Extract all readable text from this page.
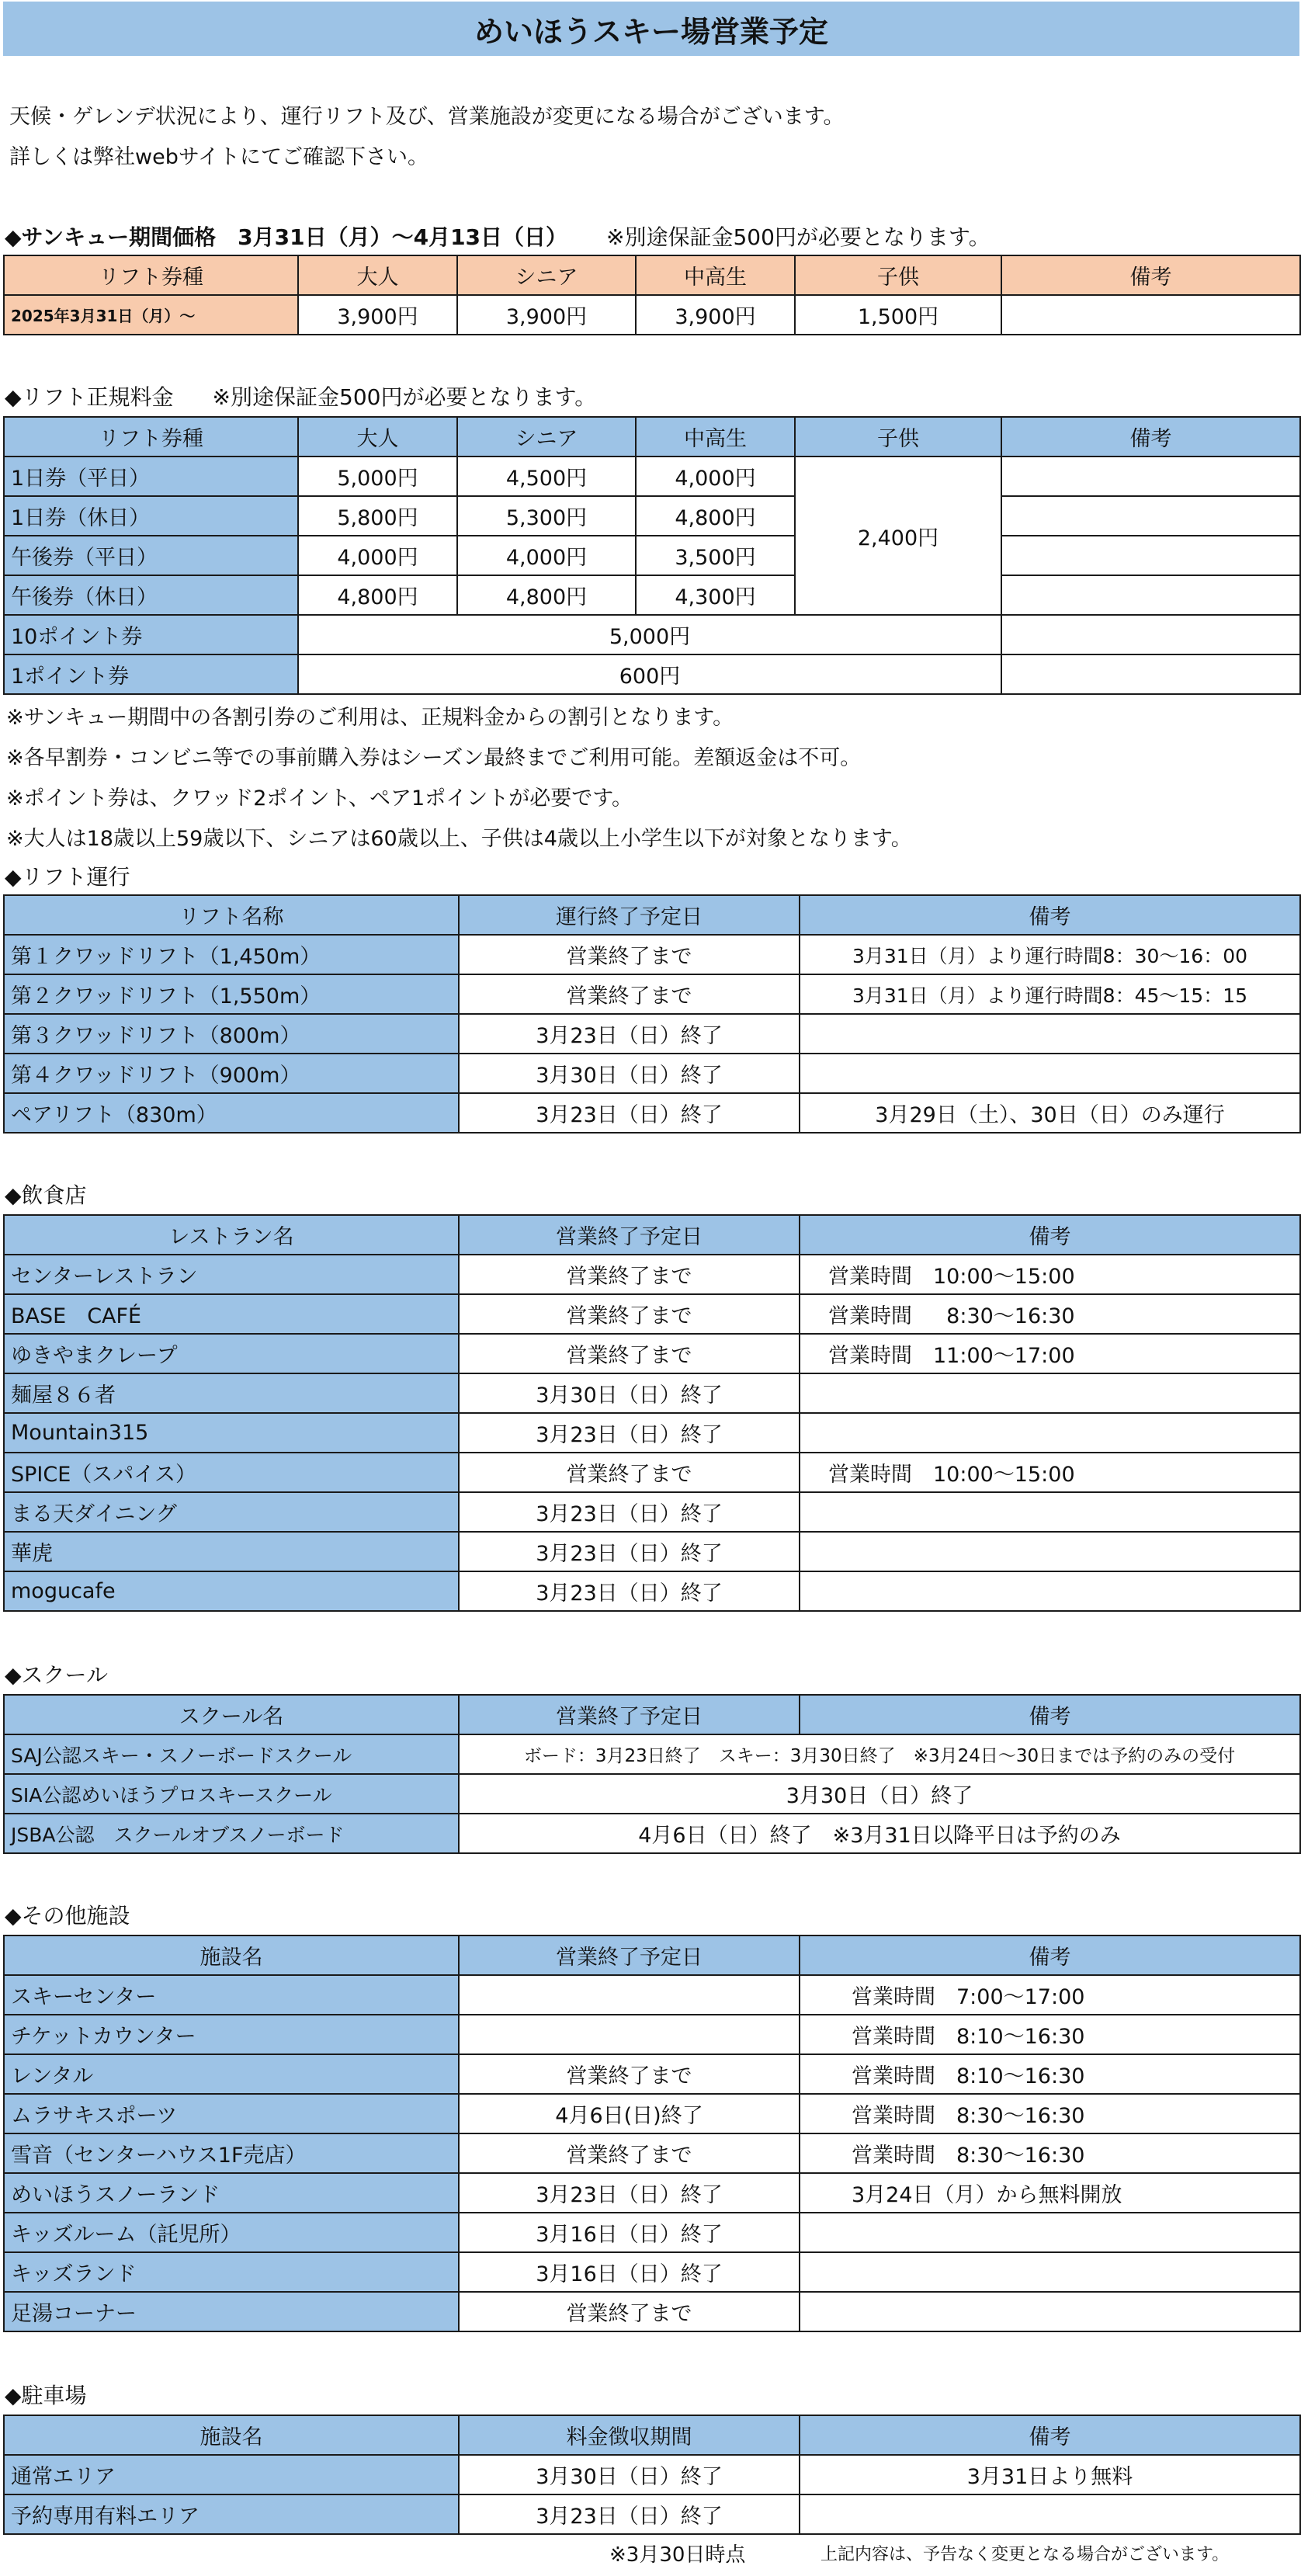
めいほうスキー場営業予定
天候・ゲレンデ状況により、運行リフト及び、営業施設が変更になる場合がございます。
詳しくは弊社webサイトにてご確認下さい。
◆サンキュー期間価格　3月31日（月）～4月13日（日） ※別途保証金500円が必要となります。
リフト券種	大人	シニア	中高生	子供	備考
2025年3月31日（月）～	3,900円	3,900円	3,900円	1,500円	
◆リフト正規料金 ※別途保証金500円が必要となります。
リフト券種	大人	シニア	中高生	子供	備考
1日券（平日）	5,000円	4,500円	4,000円	2,400円	
1日券（休日）	5,800円	5,300円	4,800円		
午後券（平日）	4,000円	4,000円	3,500円		
午後券（休日）	4,800円	4,800円	4,300円		
10ポイント券	5,000円				
1ポイント券	600円				
※サンキュー期間中の各割引券のご利用は、正規料金からの割引となります。
※各早割券・コンビニ等での事前購入券はシーズン最終までご利用可能。差額返金は不可。
※ポイント券は、クワッド2ポイント、ペア1ポイントが必要です。
※大人は18歳以上59歳以下、シニアは60歳以上、子供は4歳以上小学生以下が対象となります。
◆リフト運行
リフト名称	運行終了予定日	備考
第１クワッドリフト（1,450m）	営業終了まで	3月31日（月）より運行時間8：30～16：00
第２クワッドリフト（1,550m）	営業終了まで	3月31日（月）より運行時間8：45～15：15
第３クワッドリフト（800m）	3月23日（日）終了	
第４クワッドリフト（900m）	3月30日（日）終了	
ペアリフト（830m）	3月23日（日）終了	3月29日（土）、30日（日）のみ運行
◆飲食店
レストラン名	営業終了予定日	備考
センターレストラン	営業終了まで	営業時間　10:00～15:00
BASE　CAFÉ	営業終了まで	営業時間　  8:30～16:30
ゆきやまクレープ	営業終了まで	営業時間　11:00～17:00
麺屋８６者	3月30日（日）終了	
Mountain315	3月23日（日）終了	
SPICE（スパイス）	営業終了まで	営業時間　10:00～15:00
まる天ダイニング	3月23日（日）終了	
華虎	3月23日（日）終了	
mogucafe	3月23日（日）終了	
◆スクール
スクール名	営業終了予定日	備考
SAJ公認スキー・スノーボードスクール	ボード：3月23日終了　スキー：3月30日終了　※3月24日～30日までは予約のみの受付	
SIA公認めいほうプロスキースクール	3月30日（日）終了	
JSBA公認　スクールオブスノーボード	4月6日（日）終了　※3月31日以降平日は予約のみ	
◆その他施設
施設名	営業終了予定日	備考
スキーセンター		営業時間　7:00～17:00
チケットカウンター		営業時間　8:10～16:30
レンタル	営業終了まで	営業時間　8:10～16:30
ムラサキスポーツ	4月6日(日)終了	営業時間　8:30～16:30
雪音（センターハウス1F売店）	営業終了まで	営業時間　8:30～16:30
めいほうスノーランド	3月23日（日）終了	3月24日（月）から無料開放
キッズルーム（託児所）	3月16日（日）終了	
キッズランド	3月16日（日）終了	
足湯コーナー	営業終了まで	
◆駐車場
施設名	料金徴収期間	備考
通常エリア	3月30日（日）終了	3月31日より無料
予約専用有料エリア	3月23日（日）終了	
※3月30日時点	上記内容は、予告なく変更となる場合がございます。
